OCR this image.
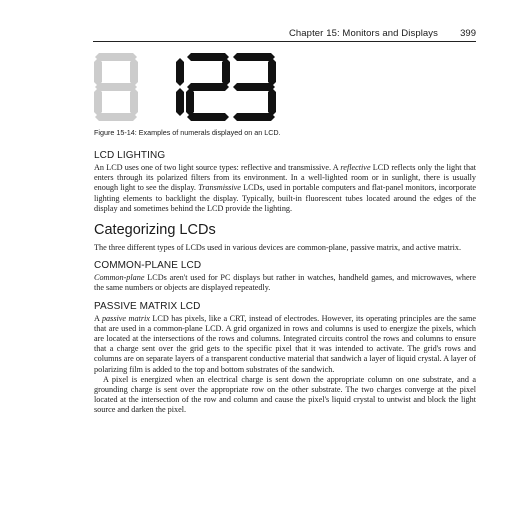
Chapter 15: Monitors and Displays 399
Figure 15-14: Examples of numerals displayed on an LCD.
LCD LIGHTING

An LCD uses one of two light source types: reflective and transmissive. A reflective LCD reflects only the light that enters through its polarized filters from its environment. In a well-lighted room or in sunlight, there is usually enough light to see the display. Transmissive LCDs, used in portable computers and flat-panel monitors, incorporate lighting elements to backlight the display. Typically, built-in fluorescent tubes located around the edges of the display and sometimes behind the LCD provide the lighting.

Categorizing LCDs

The three different types of LCDs used in various devices are common-plane, passive matrix, and active matrix.

COMMON-PLANE LCD

Common-plane LCDs aren't used for PC displays but rather in watches, handheld games, and microwaves, where the same numbers or objects are displayed repeatedly.

PASSIVE MATRIX LCD

A passive matrix LCD has pixels, like a CRT, instead of electrodes. However, its operating principles are the same that are used in a common-plane LCD. A grid organized in rows and columns is used to energize the pixels, which are located at the intersections of the rows and columns. Integrated circuits control the rows and columns to ensure that a charge sent over the grid gets to the specific pixel that it was intended to activate. The grid's rows and columns are on separate layers of a transparent conductive material that sandwich a layer of liquid crystal. A layer of polarizing film is added to the top and bottom substrates of the sandwich.

A pixel is energized when an electrical charge is sent down the appropriate column on one substrate, and a grounding charge is sent over the appropriate row on the other substrate. The two charges converge at the pixel located at the intersection of the row and column and cause the pixel's liquid crystal to untwist and block the light source and darken the pixel.
